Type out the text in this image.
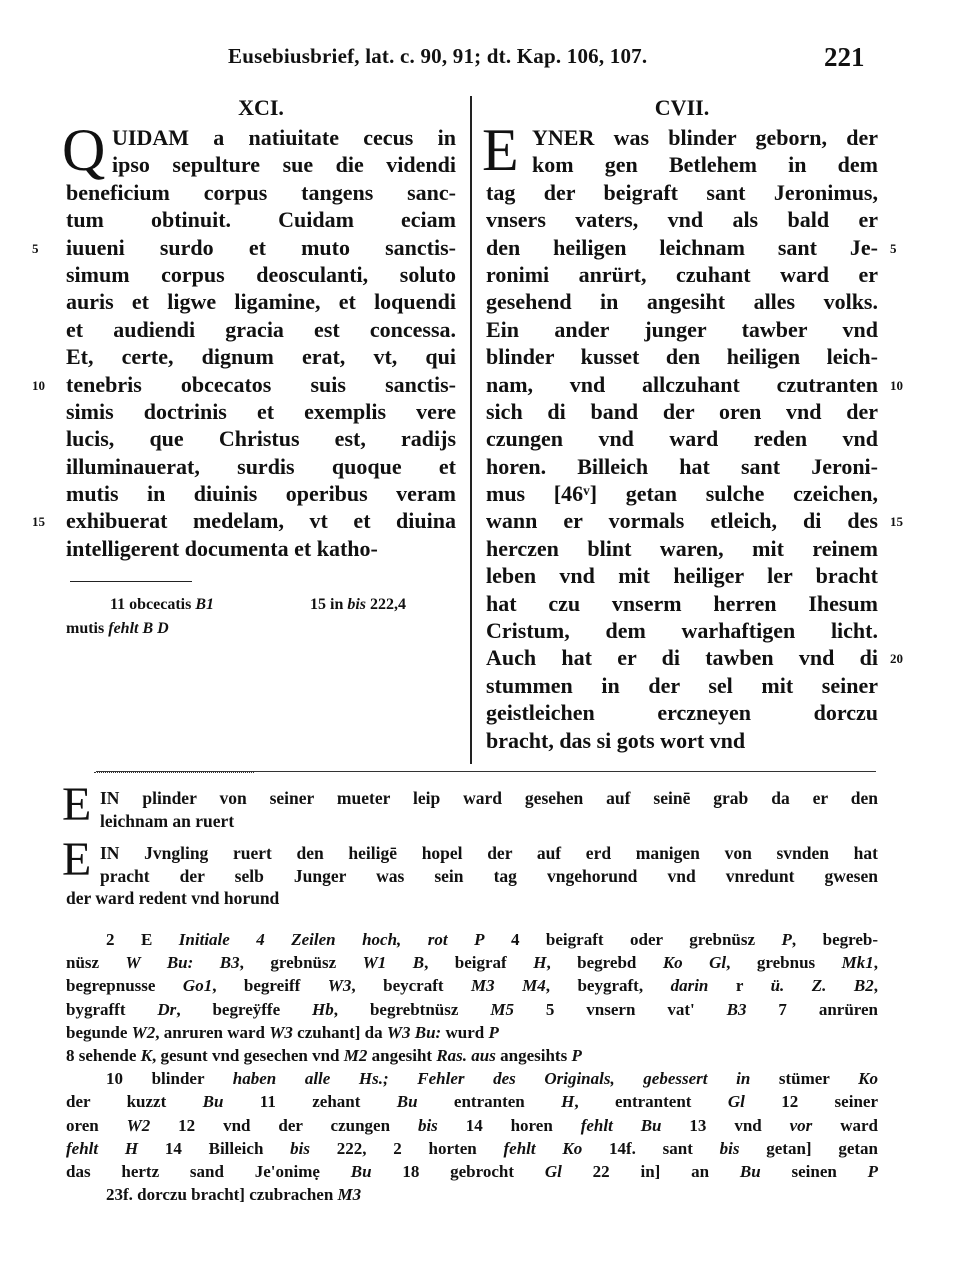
Eusebiusbrief, lat. c. 90, 91; dt. Kap. 106, 107.	221
XCI.
Q UIDAM a natiuitate cecus in
ipso sepulture sue die videndi
beneficium corpus tangens sanc-
tum obtinuit. Cuidam eciam
iuueni surdo et muto sanctis-
5
simum corpus deosculanti, soluto
auris et ligwe ligamine, et loquendi
et audiendi gracia est concessa.
Et, certe, dignum erat, vt, qui
tenebris obcecatos suis sanctis-
10
simis doctrinis et exemplis vere
lucis, que Christus est, radijs
illuminauerat, surdis quoque et
mutis in diuinis operibus veram
exhibuerat medelam, vt et diuina
15
intelligerent documenta et katho-
CVII.
E YNER was blinder geborn, der
kom gen Betlehem in dem
tag der beigraft sant Jeronimus,
vnsers vaters, vnd als bald er
den heiligen leichnam sant Je- 5
ronimi anrürt, czuhant ward er
gesehend in angesiht alles volks.
Ein ander junger tawber vnd
blinder kusset den heiligen leich-
nam, vnd allczuhant czutranten 10
sich di band der oren vnd der
czungen vnd ward reden vnd
horen. Billeich hat sant Jeroni-
mus [46ᵛ] getan sulche czeichen,
wann er vormals etleich, di des 15
herczen blint waren, mit reinem
leben vnd mit heiliger ler bracht
hat czu vnserm herren Ihesum
Cristum, dem warhaftigen licht.
Auch hat er di tawben vnd di 20
stummen in der sel mit seiner
geistleichen erczneyen dorczu
bracht, das si gots wort vnd
11 obcecatis B1	15 in bis 222,4
mutis fehlt B D
E IN plinder von seiner mueter leip ward gesehen auf seinē grab da er den
leichnam an ruert
E IN Jvngling ruert den heiligē hopel der auf erd manigen von svnden hat
pracht der selb Junger was sein tag vngehorund vnd vnredunt gwesen
der ward redent vnd horund
2 E Initiale 4 Zeilen hoch, rot P 4 beigraft oder grebnüsz P, begreb-
nüsz W Bu: B3, grebnüsz W1 B, beigraf H, begrebd Ko Gl, grebnus Mk1,
begrepnusse Go1, begreiff W3, beycraft M3 M4, beygraft, darin r ü. Z. B2,
bygrafft Dr, begreÿffe Hb, begrebtnüsz M5 5 vnsern vat' B3 7 anrüren
begunde W2, anruren ward W3 czuhant] da W3 Bu: wurd P
8 sehende K, gesunt vnd gesechen vnd M2 angesiht Ras. aus angesihts P
10 blinder haben alle Hs.; Fehler des Originals, gebessert in stümer Ko
der kuzzt Bu 11 zehant Bu entranten H, entrantent Gl 12 seiner
oren W2 12 vnd der czungen bis 14 horen fehlt Bu 13 vnd vor ward
fehlt H 14 Billeich bis 222, 2 horten fehlt Ko 14f. sant bis getan] getan
das hertz sand Je'onimẹ Bu 18 gebrocht Gl 22 in] an Bu seinen P
23f. dorczu bracht] czubrachen M3
